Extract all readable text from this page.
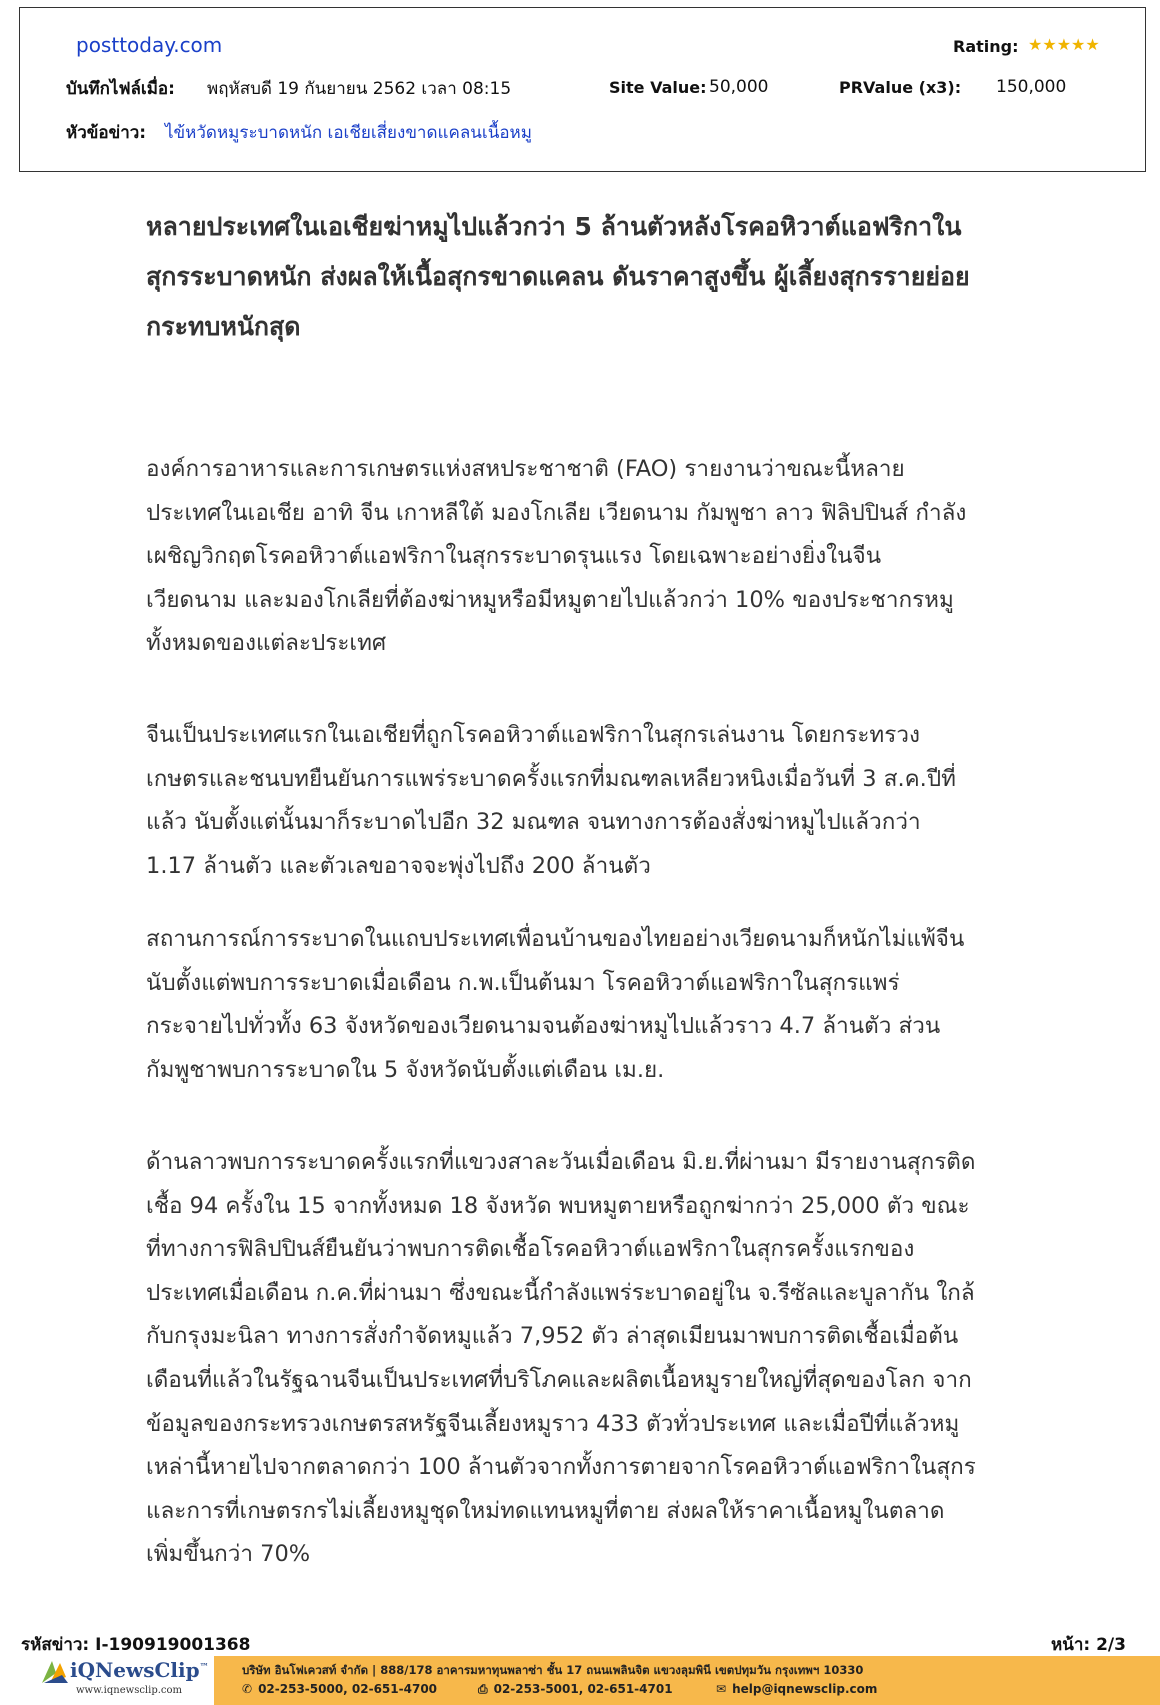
posttoday.com	Rating: ★★★★★
บันทึกไฟล์เมื่อ: พฤหัสบดี 19 กันยายน 2562 เวลา 08:15	Site Value: 50,000	PRValue (x3): 150,000
หัวข้อข่าว: ไข้หวัดหมูระบาดหนัก เอเชียเสี่ยงขาดแคลนเนื้อหมู
หลายประเทศในเอเชียฆ่าหมูไปแล้วกว่า 5 ล้านตัวหลังโรคอหิวาต์แอฟริกาในสุกรระบาดหนัก ส่งผลให้เนื้อสุกรขาดแคลน ดันราคาสูงขึ้น ผู้เลี้ยงสุกรรายย่อยกระทบหนักสุด
องค์การอาหารและการเกษตรแห่งสหประชาชาติ (FAO) รายงานว่าขณะนี้หลายประเทศในเอเชีย อาทิ จีน เกาหลีใต้ มองโกเลีย เวียดนาม กัมพูชา ลาว ฟิลิปปินส์ กำลังเผชิญวิกฤตโรคอหิวาต์แอฟริกาในสุกรระบาดรุนแรง โดยเฉพาะอย่างยิ่งในจีน เวียดนาม และมองโกเลียที่ต้องฆ่าหมูหรือมีหมูตายไปแล้วกว่า 10% ของประชากรหมูทั้งหมดของแต่ละประเทศ
จีนเป็นประเทศแรกในเอเชียที่ถูกโรคอหิวาต์แอฟริกาในสุกรเล่นงาน โดยกระทรวงเกษตรและชนบทยืนยันการแพร่ระบาดครั้งแรกที่มณฑลเหลียวหนิงเมื่อวันที่ 3 ส.ค.ปีที่แล้ว นับตั้งแต่นั้นมาก็ระบาดไปอีก 32 มณฑล จนทางการต้องสั่งฆ่าหมูไปแล้วกว่า 1.17 ล้านตัว และตัวเลขอาจจะพุ่งไปถึง 200 ล้านตัว
สถานการณ์การระบาดในแถบประเทศเพื่อนบ้านของไทยอย่างเวียดนามก็หนักไม่แพ้จีน นับตั้งแต่พบการระบาดเมื่อเดือน ก.พ.เป็นต้นมา โรคอหิวาต์แอฟริกาในสุกรแพร่กระจายไปทั่วทั้ง 63 จังหวัดของเวียดนามจนต้องฆ่าหมูไปแล้วราว 4.7 ล้านตัว ส่วนกัมพูชาพบการระบาดใน 5 จังหวัดนับตั้งแต่เดือน เม.ย.
ด้านลาวพบการระบาดครั้งแรกที่แขวงสาละวันเมื่อเดือน มิ.ย.ที่ผ่านมา มีรายงานสุกรติดเชื้อ 94 ครั้งใน 15 จากทั้งหมด 18 จังหวัด พบหมูตายหรือถูกฆ่ากว่า 25,000 ตัว ขณะที่ทางการฟิลิปปินส์ยืนยันว่าพบการติดเชื้อโรคอหิวาต์แอฟริกาในสุกรครั้งแรกของประเทศเมื่อเดือน ก.ค.ที่ผ่านมา ซึ่งขณะนี้กำลังแพร่ระบาดอยู่ใน จ.รีซัลและบูลากัน ใกล้กับกรุงมะนิลา ทางการสั่งกำจัดหมูแล้ว 7,952 ตัว ล่าสุดเมียนมาพบการติดเชื้อเมื่อต้นเดือนที่แล้วในรัฐฉานจีนเป็นประเทศที่บริโภคและผลิตเนื้อหมูรายใหญ่ที่สุดของโลก จากข้อมูลของกระทรวงเกษตรสหรัฐจีนเลี้ยงหมูราว 433 ตัวทั่วประเทศ และเมื่อปีที่แล้วหมูเหล่านี้หายไปจากตลาดกว่า 100 ล้านตัวจากทั้งการตายจากโรคอหิวาต์แอฟริกาในสุกรและการที่เกษตรกรไม่เลี้ยงหมูชุดใหม่ทดแทนหมูที่ตาย ส่งผลให้ราคาเนื้อหมูในตลาดเพิ่มขึ้นกว่า 70%
รหัสข่าว: I-190919001368	หน้า: 2/3
iQNewsClip™
www.iqnewsclip.com
บริษัท อินโฟเควสท์ จำกัด | 888/178 อาคารมหาทุนพลาซ่า ชั้น 17 ถนนเพลินจิต แขวงลุมพินี เขตปทุมวัน กรุงเทพฯ 10330
✆ 02-253-5000, 02-651-4700	⎙ 02-253-5001, 02-651-4701	✉ help@iqnewsclip.com
